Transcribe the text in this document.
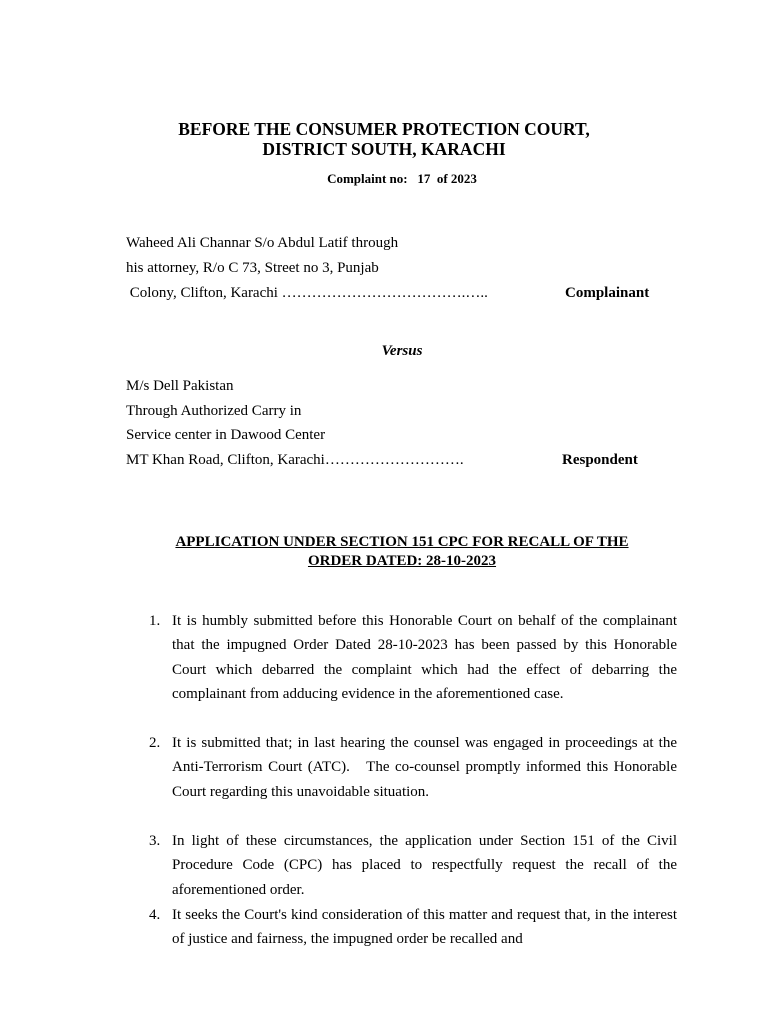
BEFORE THE CONSUMER PROTECTION COURT,
DISTRICT SOUTH, KARACHI
Complaint no:   17  of 2023
Waheed Ali Channar S/o Abdul Latif through
his attorney, R/o C 73, Street no 3, Punjab
Colony, Clifton, Karachi ……………………………….…..	Complainant
Versus
M/s Dell Pakistan
Through Authorized Carry in
Service center in Dawood Center
MT Khan Road, Clifton, Karachi……………………….	Respondent
APPLICATION UNDER SECTION 151 CPC FOR RECALL OF THE
ORDER DATED: 28-10-2023
1. It is humbly submitted before this Honorable Court on behalf of the complainant that the impugned Order Dated 28-10-2023 has been passed by this Honorable Court which debarred the complaint which had the effect of debarring the complainant from adducing evidence in the aforementioned case.
2. It is submitted that; in last hearing the counsel was engaged in proceedings at the Anti-Terrorism Court (ATC).   The co-counsel promptly informed this Honorable Court regarding this unavoidable situation.
3. In light of these circumstances, the application under Section 151 of the Civil Procedure Code (CPC) has placed to respectfully request the recall of the aforementioned order.
4. It seeks the Court's kind consideration of this matter and request that, in the interest of justice and fairness, the impugned order be recalled and
